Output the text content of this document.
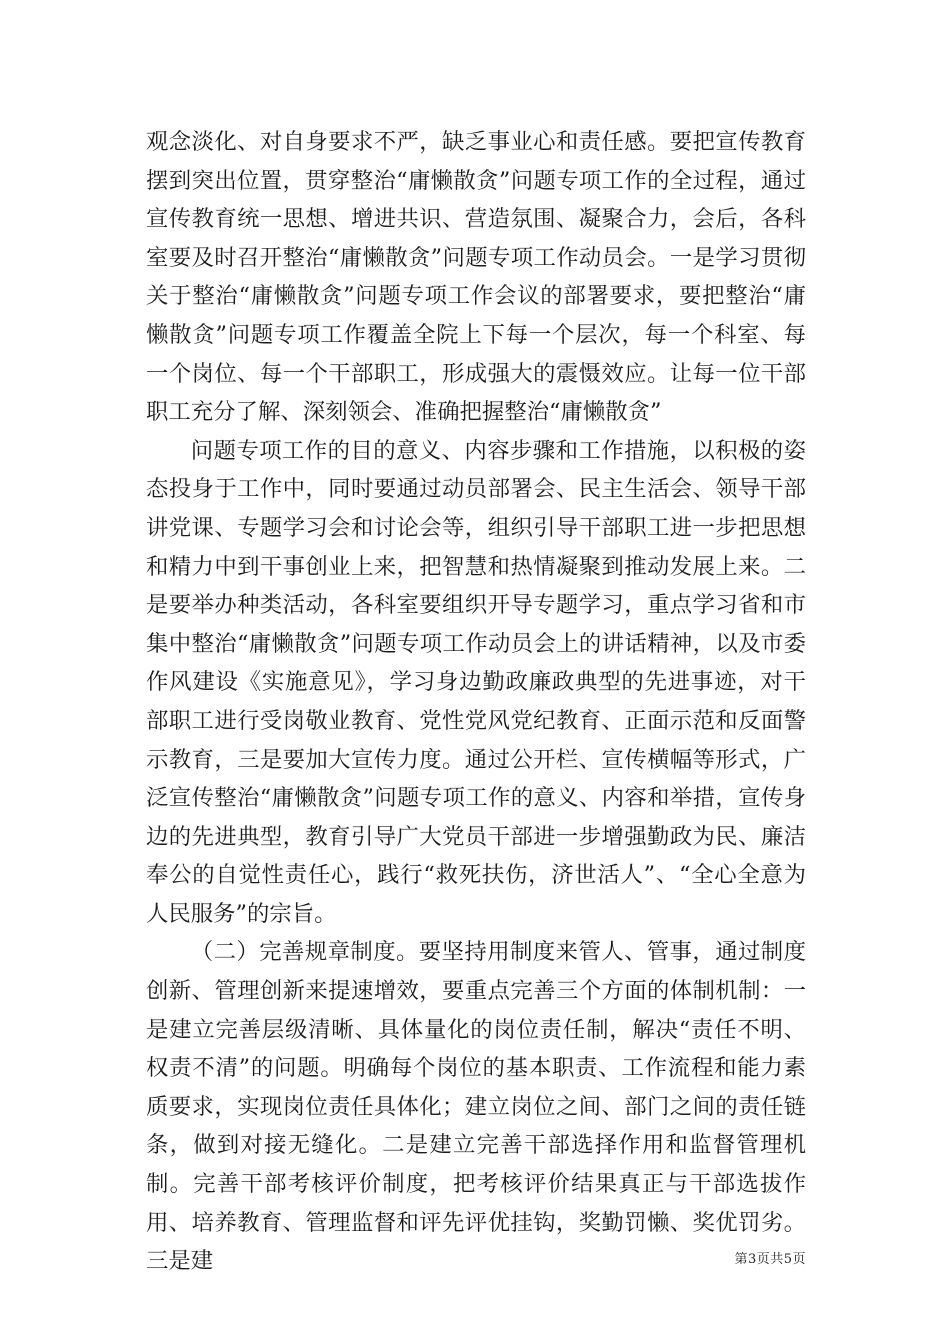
观念淡化、对自身要求不严，缺乏事业心和责任感。要把宣传教育摆到突出位置，贯穿整治“庸懒散贪”问题专项工作的全过程，通过宣传教育统一思想、增进共识、营造氛围、凝聚合力，会后，各科室要及时召开整治“庸懒散贪”问题专项工作动员会。一是学习贯彻关于整治“庸懒散贪”问题专项工作会议的部署要求，要把整治“庸懒散贪”问题专项工作覆盖全院上下每一个层次，每一个科室、每一个岗位、每一个干部职工，形成强大的震慑效应。让每一位干部职工充分了解、深刻领会、准确把握整治“庸懒散贪”

问题专项工作的目的意义、内容步骤和工作措施，以积极的姿态投身于工作中，同时要通过动员部署会、民主生活会、领导干部讲党课、专题学习会和讨论会等，组织引导干部职工进一步把思想和精力中到干事创业上来，把智慧和热情凝聚到推动发展上来。二是要举办种类活动，各科室要组织开导专题学习，重点学习省和市集中整治“庸懒散贪”问题专项工作动员会上的讲话精神，以及市委作风建设《实施意见》，学习身边勤政廉政典型的先进事迹，对干部职工进行受岗敬业教育、党性党风党纪教育、正面示范和反面警示教育，三是要加大宣传力度。通过公开栏、宣传横幅等形式，广泛宣传整治“庸懒散贪”问题专项工作的意义、内容和举措，宣传身边的先进典型，教育引导广大党员干部进一步增强勤政为民、廉洁奉公的自觉性责任心，践行“救死扶伤，济世活人”、“全心全意为人民服务”的宗旨。

（二）完善规章制度。要坚持用制度来管人、管事，通过制度创新、管理创新来提速增效，要重点完善三个方面的体制机制：一是建立完善层级清晰、具体量化的岗位责任制，解决“责任不明、权责不清”的问题。明确每个岗位的基本职责、工作流程和能力素质要求，实现岗位责任具体化；建立岗位之间、部门之间的责任链条，做到对接无缝化。二是建立完善干部选择作用和监督管理机制。完善干部考核评价制度，把考核评价结果真正与干部选拔作用、培养教育、管理监督和评先评优挂钩，奖勤罚懒、奖优罚劣。三是建	第3页共5页
